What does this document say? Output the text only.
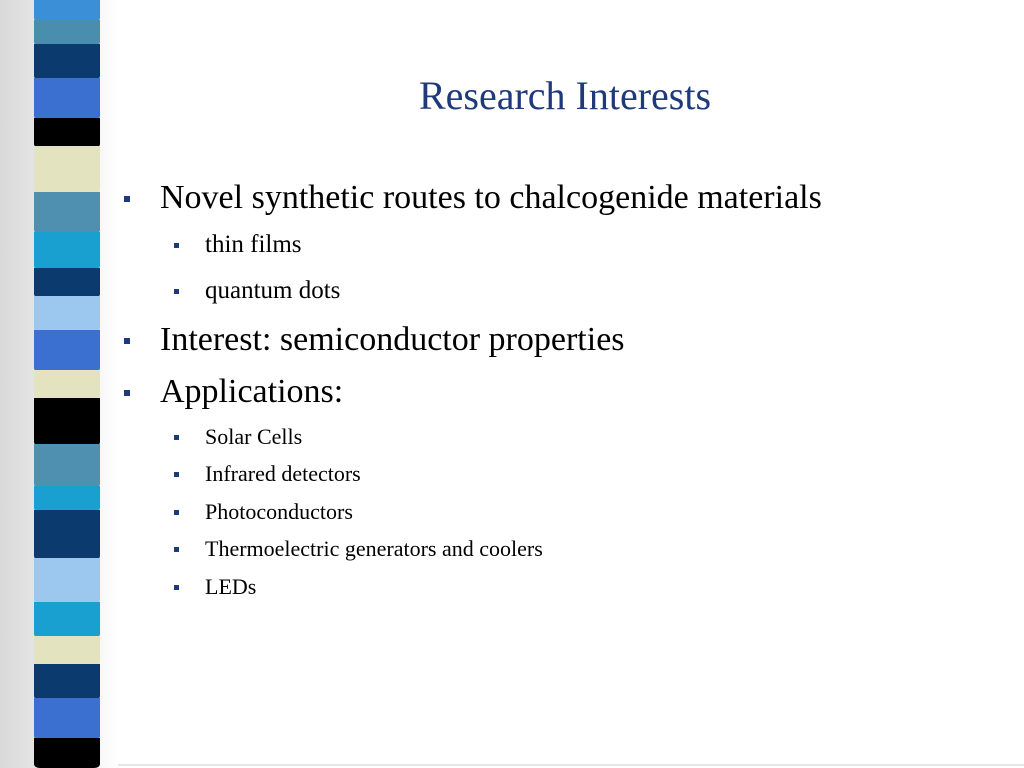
Research Interests
Novel synthetic routes to chalcogenide materials
thin films
quantum dots
Interest: semiconductor properties
Applications:
Solar Cells
Infrared detectors
Photoconductors
Thermoelectric generators and coolers
LEDs
